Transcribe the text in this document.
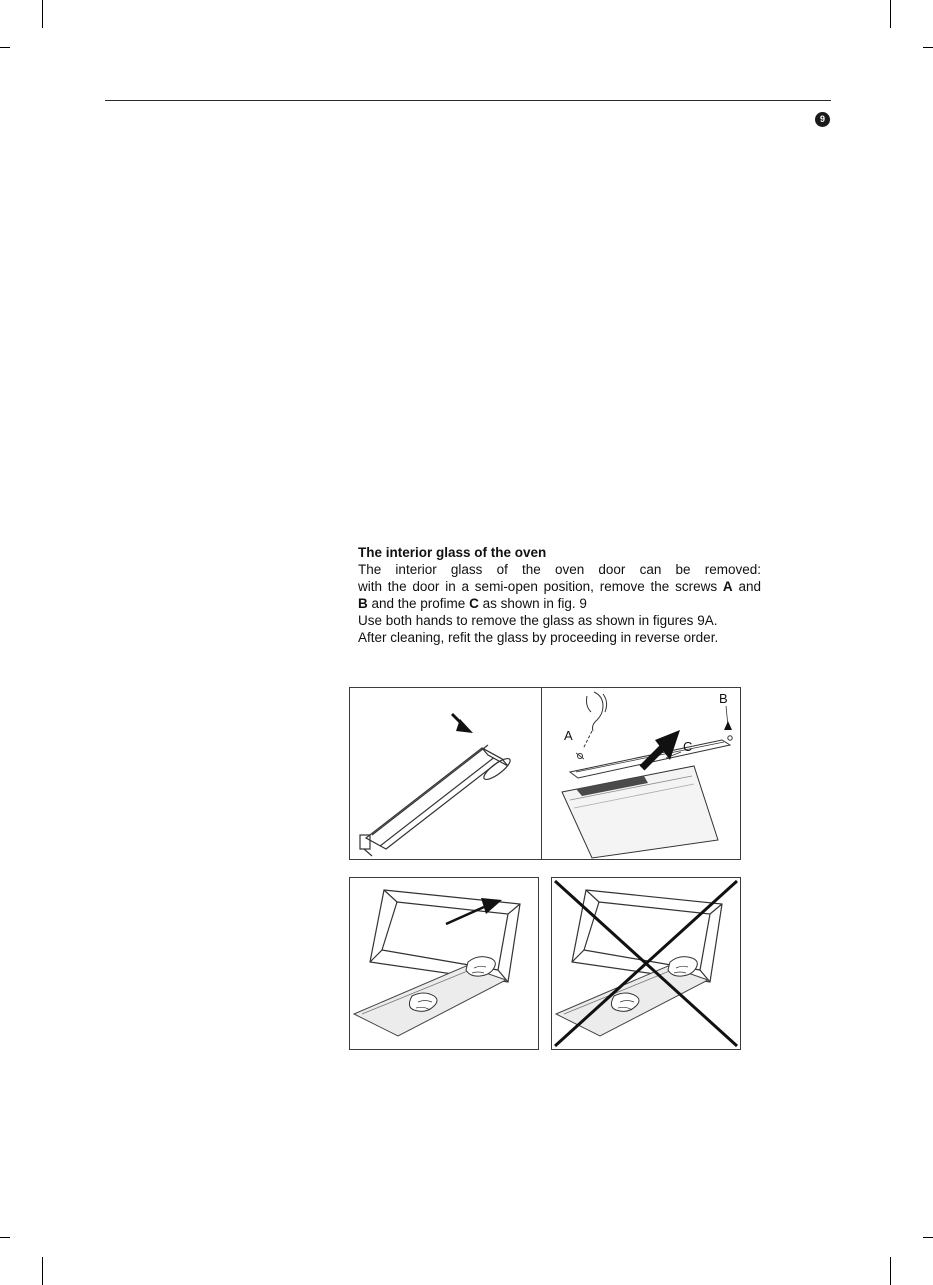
9
The interior glass of the oven
The interior glass of the oven door can be removed:
with the door in a semi-open position, remove the screws A and
B and the profime C as shown in fig. 9
Use both hands to remove the glass as shown in figures 9A.
After cleaning, refit the glass by proceeding in reverse order.
A
C
B
